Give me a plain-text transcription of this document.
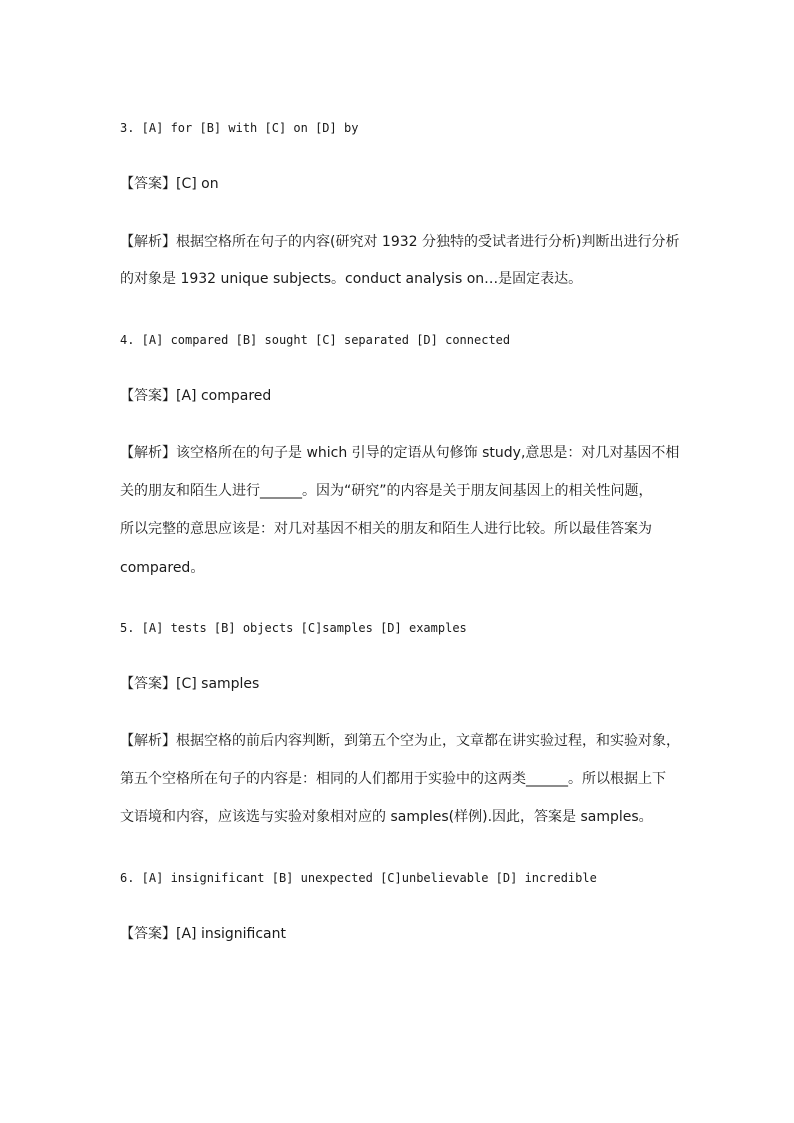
3. [A] for [B] with [C] on [D] by
【答案】[C] on
【解析】根据空格所在句子的内容(研究对 1932 分独特的受试者进行分析)判断出进行分析
的对象是 1932 unique subjects。conduct analysis on…是固定表达。
4. [A] compared [B] sought [C] separated [D] connected
【答案】[A] compared
【解析】该空格所在的句子是 which 引导的定语从句修饰 study,意思是：对几对基因不相
关的朋友和陌生人进行______。因为“研究”的内容是关于朋友间基因上的相关性问题，
所以完整的意思应该是：对几对基因不相关的朋友和陌生人进行比较。所以最佳答案为
compared。
5. [A] tests [B] objects [C]samples [D] examples
【答案】[C] samples
【解析】根据空格的前后内容判断，到第五个空为止，文章都在讲实验过程，和实验对象，
第五个空格所在句子的内容是：相同的人们都用于实验中的这两类______。所以根据上下
文语境和内容，应该选与实验对象相对应的 samples(样例).因此，答案是 samples。
6. [A] insignificant [B] unexpected [C]unbelievable [D] incredible
【答案】[A] insignificant
